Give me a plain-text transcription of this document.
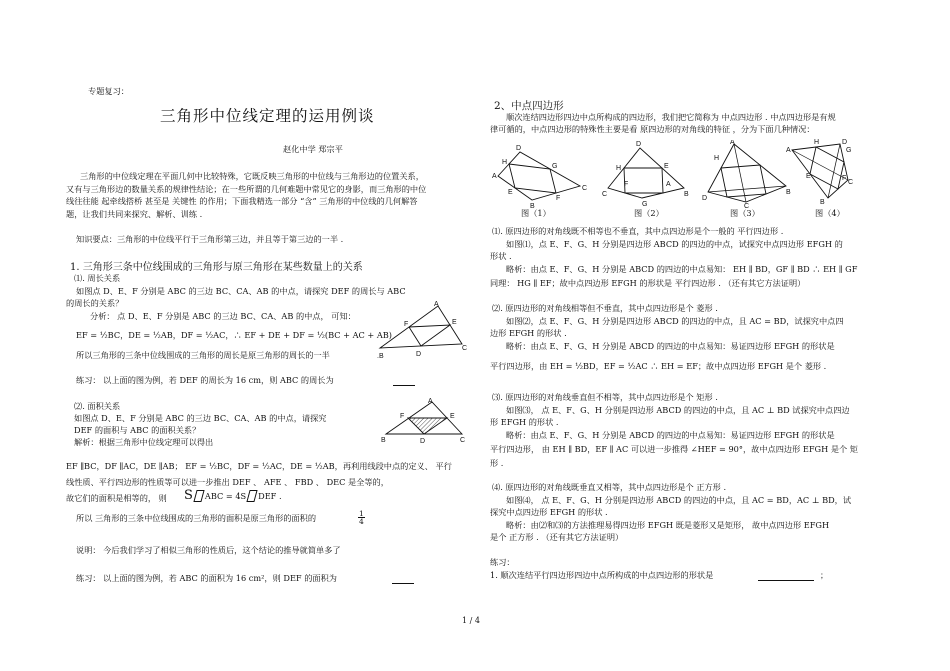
专题复习：
三角形中位线定理的运用例谈
赵化中学 郑宗平
三角形的中位线定理在平面几何中比较特殊，它既反映三角形的中位线与三角形边的位置关系，又有与三角形边的数量关系的规律性结论；在一些所谓的几何难题中常见它的身影，而三角形的中位线往往能 起牵线搭桥 甚至是 关键性 的作用；下面我精选一部分 “含” 三角形的中位线的几何解答题，让我们共同来探究、解析、训练 .
知识要点：三角形的中位线平行于三角形第三边，并且等于第三边的一半 .
1. 三角形三条中位线围成的三角形与原三角形在某些数量上的关系
⑴. 周长关系
如图点 D、E、F 分别是 ABC 的三边 BC、CA、AB 的中点，请探究 DEF 的周长与 ABC
的周长的关系？
分析： 点 D、E、F 分别是 ABC 的三边 BC、CA、AB 的中点， 可知：
EF = ½BC，DE = ½AB，DF = ½AC，∴ EF + DE + DF = ½(BC + AC + AB)
所以三角形的三条中位线围成的三角形的周长是原三角形的周长的一半
练习： 以上面的图为例，若 DEF 的周长为 16 cm，则 ABC 的周长为
A
F	E
D
C
.B
⑵. 面积关系
如图点 D、E、F 分别是 ABC 的三边 BC、CA、AB 的中点，请探究
DEF 的面积与 ABC 的面积关系？
解析：根据三角形中位线定理可以得出
A
F	E
B	D	C
EF ∥BC，DF ∥AC，DE ∥AB； EF = ½BC，DF = ½AC，DE = ½AB，再利用线段中点的定义、 平行
线性质、平行四边形的性质等可以进一步推出 DEF 、 AFE 、 FBD 、 DEC 是全等的，
故它们的面积是相等的， 则 S ABC = 4S DEF .
所以 三角形的三条中位线围成的三角形的面积是原三角形的面积的	$\frac{1}{4}$
说明： 今后我们学习了相似三角形的性质后，这个结论的推导就简单多了
练习： 以上面的图为例，若 ABC 的面积为 16 cm²，则 DEF 的面积为
2、中点四边形
顺次连结四边形四边中点所构成的四边形，我们把它简称为 中点四边形 . 中点四边形是有规
律可循的，中点四边形的特殊性主要是看 原四边形的对角线的特征 ，分为下面几种情况：
A
D
C
B
H
G
F
E
D
H	E
C
G
B
F	A
A
H
D
B
C
A
H	D
G
C
B
E	F
图（1）	图（2）	图（3）	图（4）
⑴. 原四边形的对角线既不相等也不垂直，其中点四边形是个一般的 平行四边形 .
如图⑴，点 E、F、G、H 分别是四边形 ABCD 的四边的中点，试探究中点四边形 EFGH 的
形状 .
略析：由点 E、F、G、H 分别是 ABCD 的四边的中点易知： EH ∥ BD，GF ∥ BD ∴ EH ∥ GF
同理： HG ∥ EF；故中点四边形 EFGH 的形状是 平行四边形 . （还有其它方法证明）
⑵. 原四边形的对角线相等但不垂直，其中点四边形是个 菱形 .
如图⑵，点 E、F、G、H 分别是四边形 ABCD 的四边的中点，且 AC = BD，试探究中点四
边形 EFGH 的形状 .
略析：由点 E、F、G、H 分别是 ABCD 的四边的中点易知：易证四边形 EFGH 的形状是
平行四边形，由 EH = ½BD，EF = ½AC ∴ EH = EF；故中点四边形 EFGH 是个 菱形 .
⑶. 原四边形的对角线垂直但不相等，其中点四边形是个 矩形 .
如图⑶， 点 E、F、G、H 分别是四边形 ABCD 的四边的中点，且 AC ⊥ BD 试探究中点四边
形 EFGH 的形状 .
略析：由点 E、F、G、H 分别是 ABCD 的四边的中点易知：易证四边形 EFGH 的形状是
平行四边形， 由 EH ∥ BD，EF ∥ AC 可以进一步推得 ∠HEF = 90°，故中点四边形 EFGH 是个 矩
形 .
⑷. 原四边形的对角线既垂直又相等，其中点四边形是个 正方形 .
如图⑷， 点 E、F、G、H 分别是四边形 ABCD 的四边的中点，且 AC = BD，AC ⊥ BD，试
探究中点四边形 EFGH 的形状 .
略析：由⑵和⑶的方法推理易得四边形 EFGH 既是菱形又是矩形， 故中点四边形 EFGH
是个 正方形 . （还有其它方法证明）
练习：
1. 顺次连结平行四边形四边中点所构成的中点四边形的形状是	；
1 / 4
